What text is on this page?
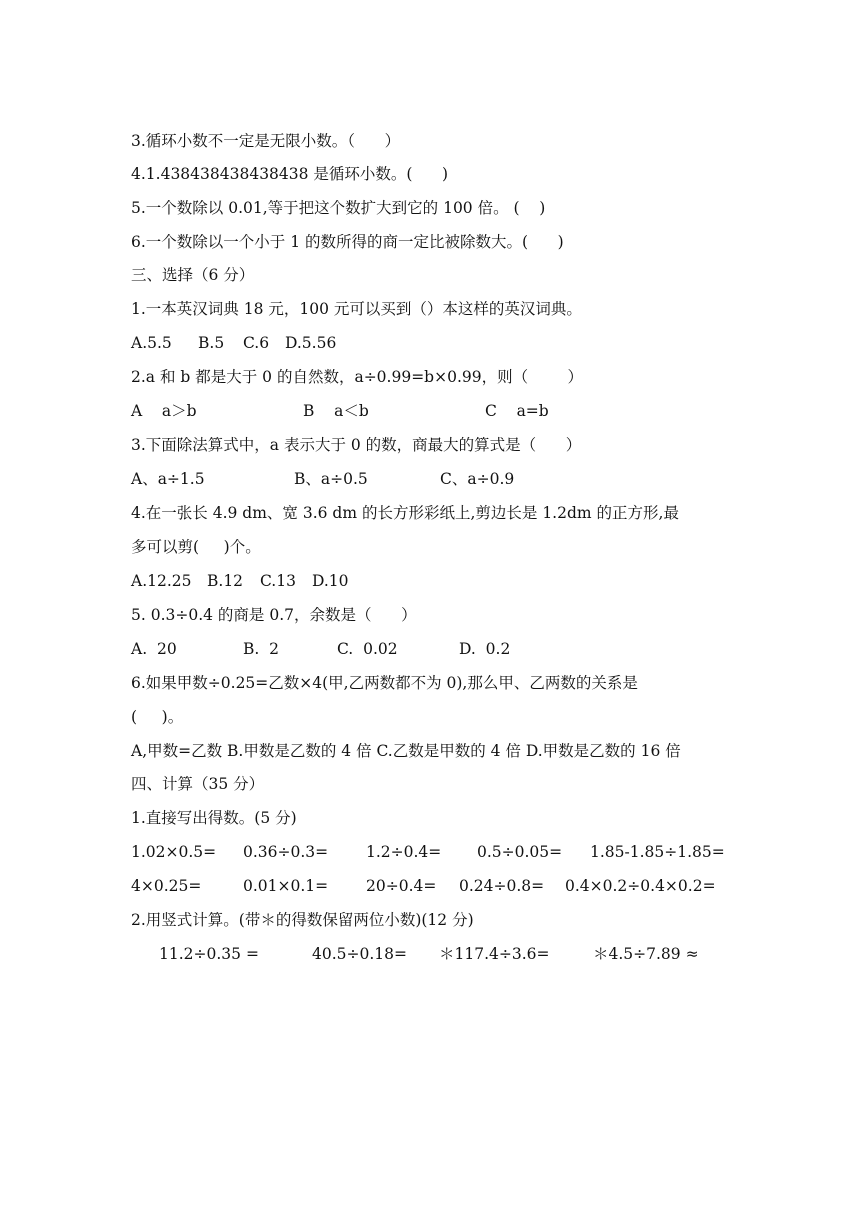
3.循环小数不一定是无限小数。（      ）
4.1.438438438438438 是循环小数。(      )
5.一个数除以 0.01,等于把这个数扩大到它的 100 倍。 (    )
6.一个数除以一个小于 1 的数所得的商一定比被除数大。(      )
三、选择（6 分）
1.一本英汉词典 18 元，100 元可以买到（）本这样的英汉词典。
A.5.5 B.5 C.6 D.5.56
2.a 和 b 都是大于 0 的自然数，a÷0.99=b×0.99，则（        ）
A    a＞b	B    a＜b	C    a=b
3.下面除法算式中，a 表示大于 0 的数，商最大的算式是（      ）
A、a÷1.5	B、a÷0.5	C、a÷0.9
4.在一张长 4.9 dm、宽 3.6 dm 的长方形彩纸上,剪边长是 1.2dm 的正方形,最
多可以剪(     )个。
A.12.25 B.12 C.13 D.10
5. 0.3÷0.4 的商是 0.7，余数是（      ）
A.  20	B.  2	C.  0.02	D.  0.2
6.如果甲数÷0.25=乙数×4(甲,乙两数都不为 0),那么甲、乙两数的关系是
(     )。
A,甲数=乙数 B.甲数是乙数的 4 倍 C.乙数是甲数的 4 倍 D.甲数是乙数的 16 倍
四、计算（35 分）
1.直接写出得数。(5 分)
1.02×0.5= 0.36÷0.3= 1.2÷0.4= 0.5÷0.05= 1.85-1.85÷1.85=
4×0.25=	0.01×0.1= 20÷0.4= 0.24÷0.8= 0.4×0.2÷0.4×0.2=
2.用竖式计算。(带＊的得数保留两位小数)(12 分)
11.2÷0.35 =	40.5÷0.18= ＊117.4÷3.6=	＊4.5÷7.89 ≈
